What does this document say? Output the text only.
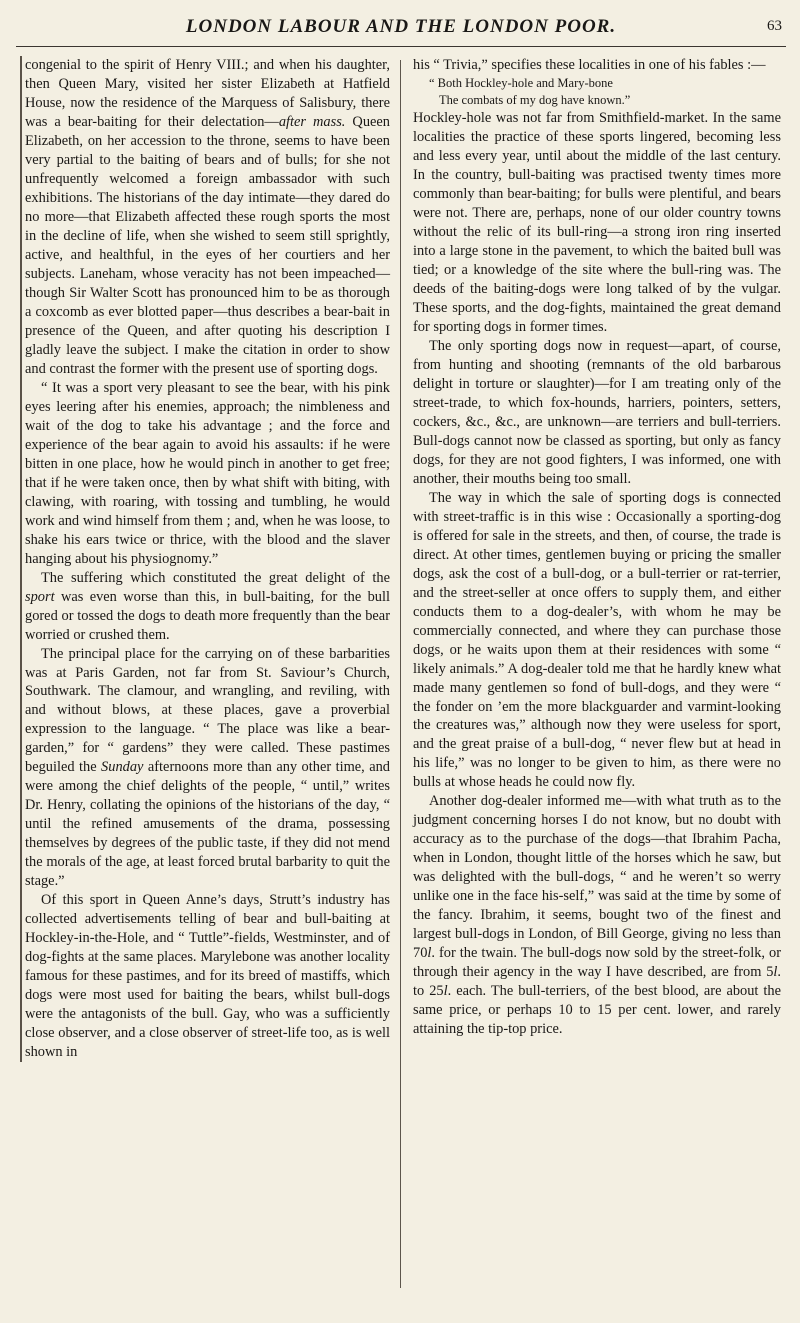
LONDON LABOUR AND THE LONDON POOR.	63

congenial to the spirit of Henry VIII.; and when his daughter, then Queen Mary, visited her sister Elizabeth at Hatfield House, now the residence of the Marquess of Salisbury, there was a bear-baiting for their delectation—after mass. Queen Elizabeth, on her accession to the throne, seems to have been very partial to the baiting of bears and of bulls; for she not unfrequently welcomed a foreign ambassador with such exhibitions. The historians of the day intimate—they dared do no more—that Elizabeth affected these rough sports the most in the decline of life, when she wished to seem still sprightly, active, and healthful, in the eyes of her courtiers and her subjects. Laneham, whose veracity has not been impeached—though Sir Walter Scott has pronounced him to be as thorough a coxcomb as ever blotted paper—thus describes a bear-bait in presence of the Queen, and after quoting his description I gladly leave the subject. I make the citation in order to show and contrast the former with the present use of sporting dogs.

“ It was a sport very pleasant to see the bear, with his pink eyes leering after his enemies, approach; the nimbleness and wait of the dog to take his advantage ; and the force and experience of the bear again to avoid his assaults: if he were bitten in one place, how he would pinch in another to get free; that if he were taken once, then by what shift with biting, with clawing, with roaring, with tossing and tumbling, he would work and wind himself from them ; and, when he was loose, to shake his ears twice or thrice, with the blood and the slaver hanging about his physiognomy.”

The suffering which constituted the great delight of the sport was even worse than this, in bull-baiting, for the bull gored or tossed the dogs to death more frequently than the bear worried or crushed them.

The principal place for the carrying on of these barbarities was at Paris Garden, not far from St. Saviour’s Church, Southwark. The clamour, and wrangling, and reviling, with and without blows, at these places, gave a proverbial expression to the language. “ The place was like a bear-garden,” for “ gardens” they were called. These pastimes beguiled the Sunday afternoons more than any other time, and were among the chief delights of the people, “ until,” writes Dr. Henry, collating the opinions of the historians of the day, “ until the refined amusements of the drama, possessing themselves by degrees of the public taste, if they did not mend the morals of the age, at least forced brutal barbarity to quit the stage.”

Of this sport in Queen Anne’s days, Strutt’s industry has collected advertisements telling of bear and bull-baiting at Hockley-in-the-Hole, and “ Tuttle”-fields, Westminster, and of dog-fights at the same places. Marylebone was another locality famous for these pastimes, and for its breed of mastiffs, which dogs were most used for baiting the bears, whilst bull-dogs were the antagonists of the bull. Gay, who was a sufficiently close observer, and a close observer of street-life too, as is well shown in

his “ Trivia,” specifies these localities in one of his fables :—

“ Both Hockley-hole and Mary-bone

The combats of my dog have known.”

Hockley-hole was not far from Smithfield-market. In the same localities the practice of these sports lingered, becoming less and less every year, until about the middle of the last century. In the country, bull-baiting was practised twenty times more commonly than bear-baiting; for bulls were plentiful, and bears were not. There are, perhaps, none of our older country towns without the relic of its bull-ring—a strong iron ring inserted into a large stone in the pavement, to which the baited bull was tied; or a knowledge of the site where the bull-ring was. The deeds of the baiting-dogs were long talked of by the vulgar. These sports, and the dog-fights, maintained the great demand for sporting dogs in former times.

The only sporting dogs now in request—apart, of course, from hunting and shooting (remnants of the old barbarous delight in torture or slaughter)—for I am treating only of the street-trade, to which fox-hounds, harriers, pointers, setters, cockers, &c., &c., are unknown—are terriers and bull-terriers. Bull-dogs cannot now be classed as sporting, but only as fancy dogs, for they are not good fighters, I was informed, one with another, their mouths being too small.

The way in which the sale of sporting dogs is connected with street-traffic is in this wise : Occasionally a sporting-dog is offered for sale in the streets, and then, of course, the trade is direct. At other times, gentlemen buying or pricing the smaller dogs, ask the cost of a bull-dog, or a bull-terrier or rat-terrier, and the street-seller at once offers to supply them, and either conducts them to a dog-dealer’s, with whom he may be commercially connected, and where they can purchase those dogs, or he waits upon them at their residences with some “ likely animals.” A dog-dealer told me that he hardly knew what made many gentlemen so fond of bull-dogs, and they were “ the fonder on ’em the more blackguarder and varmint-looking the creatures was,” although now they were useless for sport, and the great praise of a bull-dog, “ never flew but at head in his life,” was no longer to be given to him, as there were no bulls at whose heads he could now fly.

Another dog-dealer informed me—with what truth as to the judgment concerning horses I do not know, but no doubt with accuracy as to the purchase of the dogs—that Ibrahim Pacha, when in London, thought little of the horses which he saw, but was delighted with the bull-dogs, “ and he weren’t so werry unlike one in the face his-self,” was said at the time by some of the fancy. Ibrahim, it seems, bought two of the finest and largest bull-dogs in London, of Bill George, giving no less than 70l. for the twain. The bull-dogs now sold by the street-folk, or through their agency in the way I have described, are from 5l. to 25l. each. The bull-terriers, of the best blood, are about the same price, or perhaps 10 to 15 per cent. lower, and rarely attaining the tip-top price.
